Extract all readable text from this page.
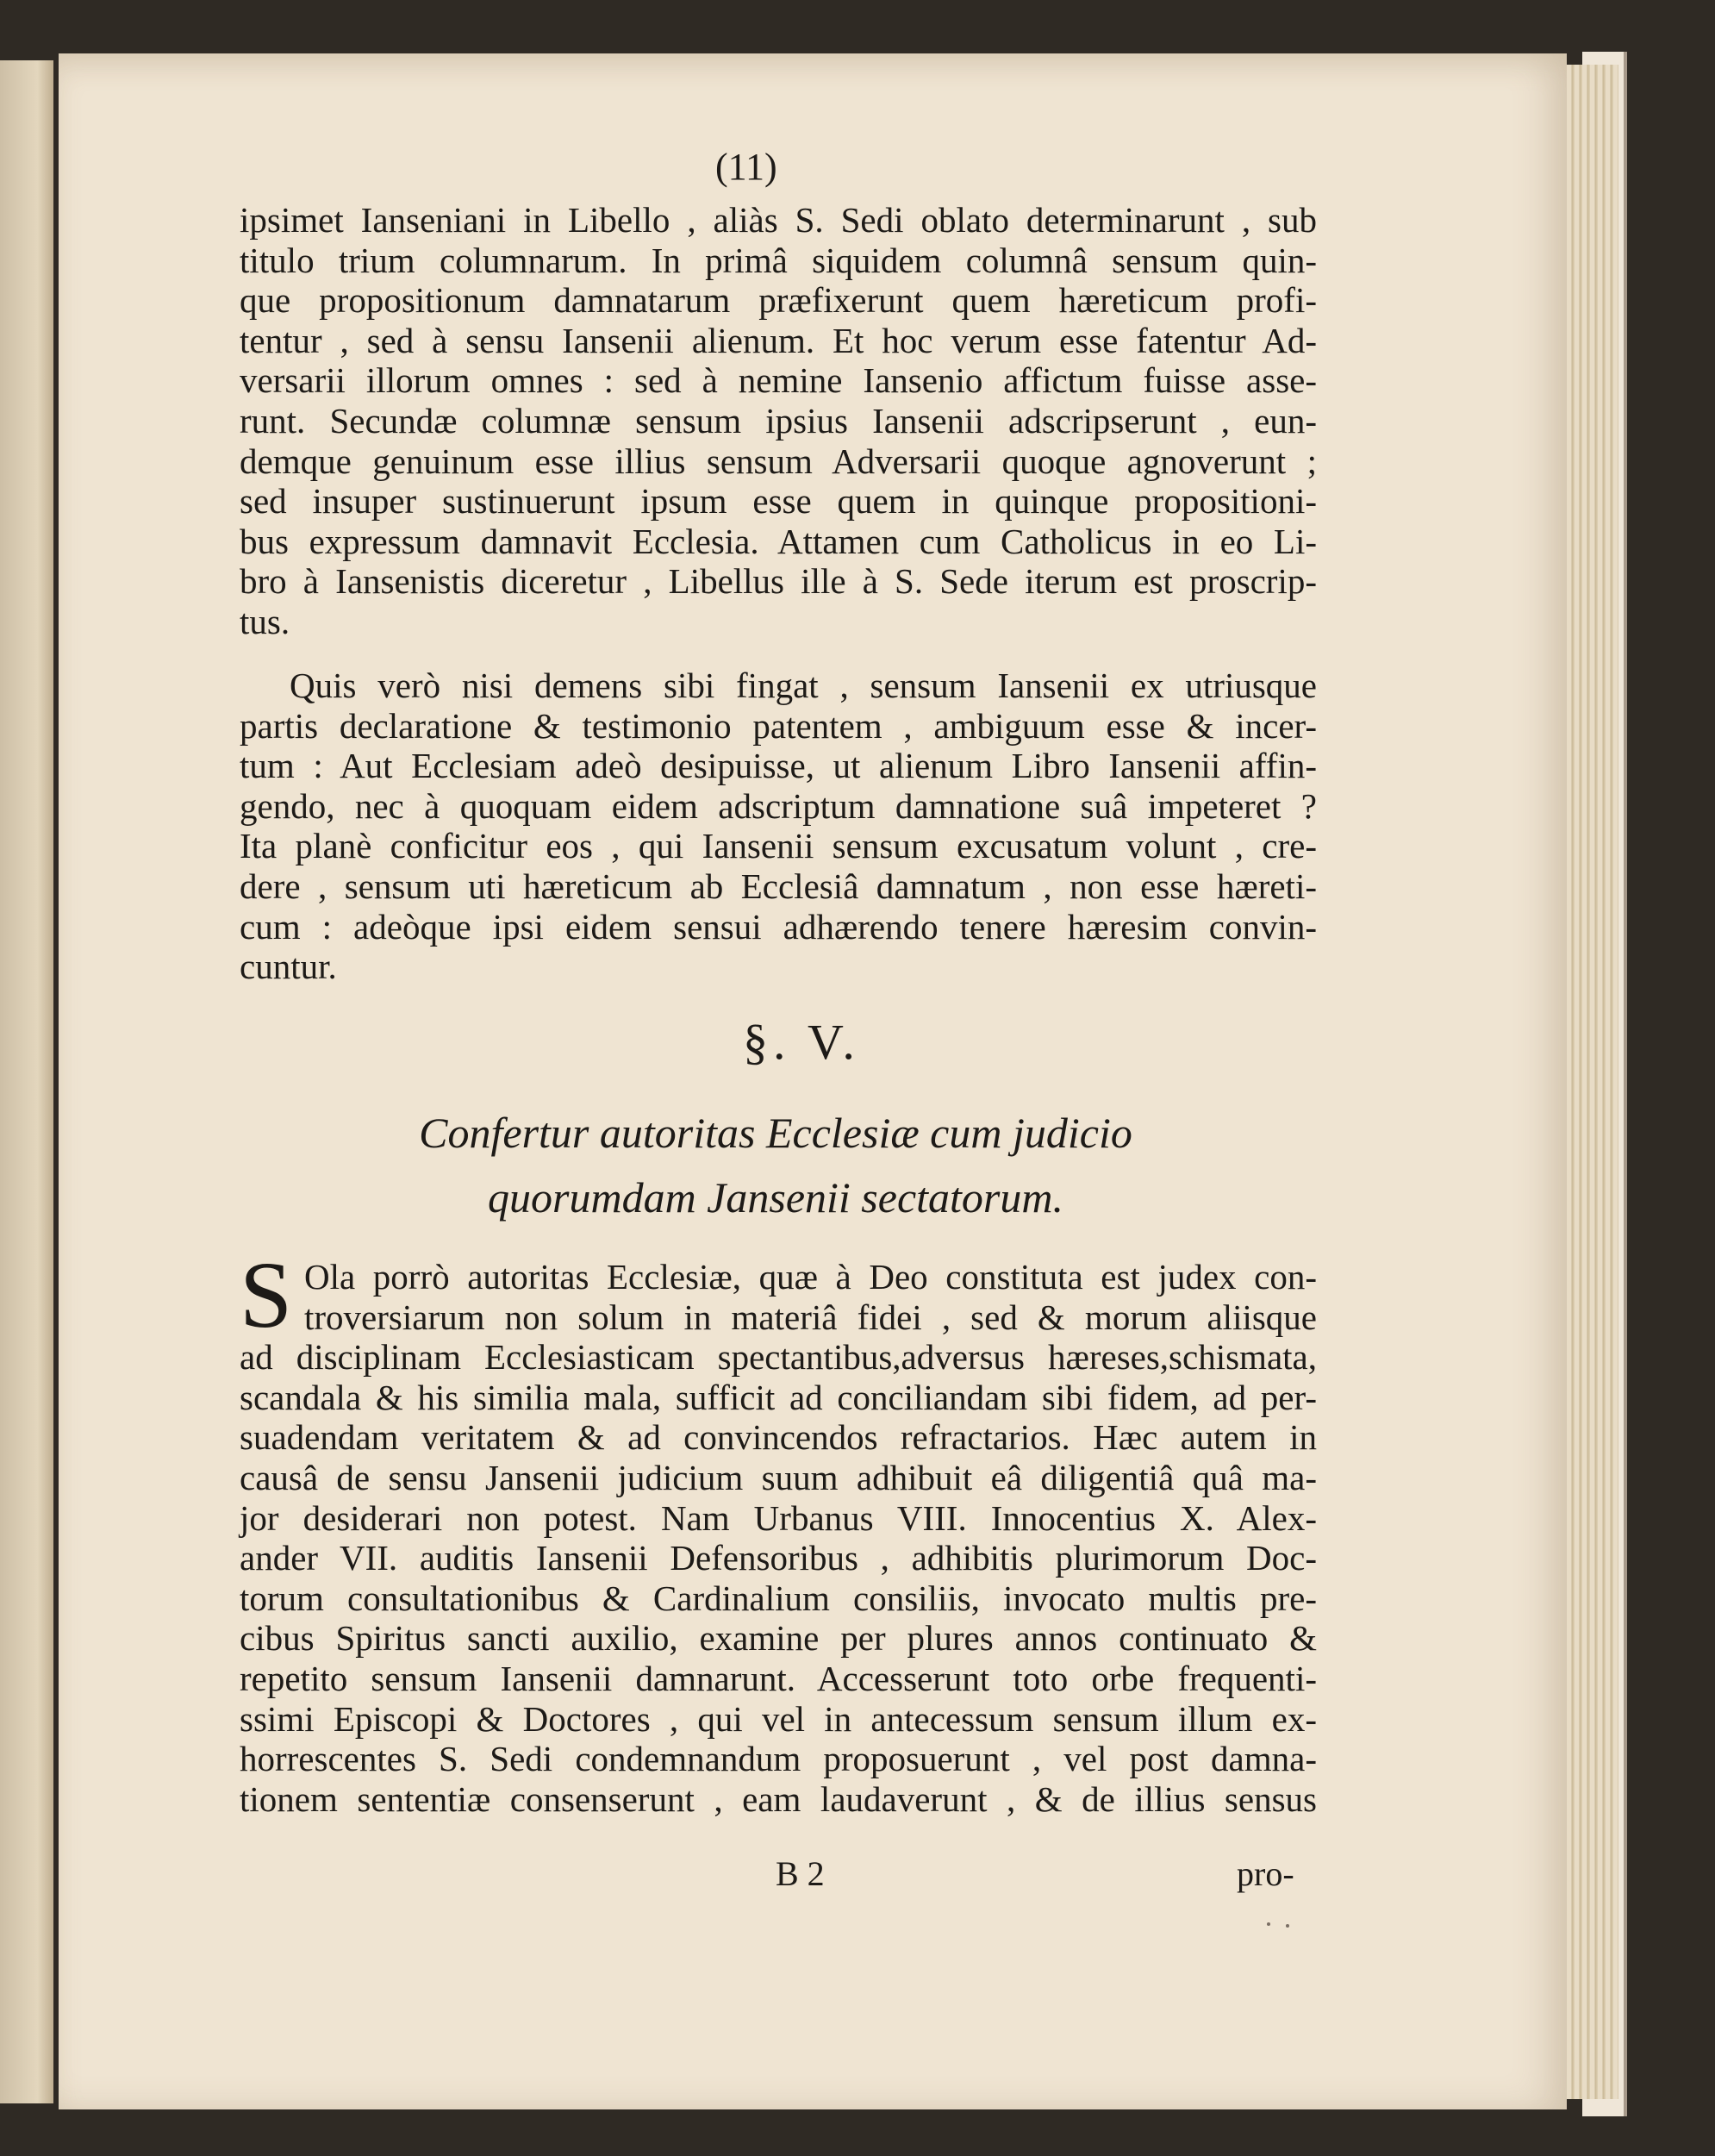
(11)
ipsimet Ianseniani in Libello , aliàs S. Sedi oblato determinarunt , sub
titulo trium columnarum. In primâ siquidem columnâ sensum quin-
que propositionum damnatarum præfixerunt quem hæreticum profi-
tentur , sed à sensu Iansenii alienum. Et hoc verum esse fatentur Ad-
versarii illorum omnes : sed à nemine Iansenio affictum fuisse asse-
runt. Secundæ columnæ sensum ipsius Iansenii adscripserunt , eun-
demque genuinum esse illius sensum Adversarii quoque agnoverunt ;
sed insuper sustinuerunt ipsum esse quem in quinque propositioni-
bus expressum damnavit Ecclesia. Attamen cum Catholicus in eo Li-
bro à Iansenistis diceretur , Libellus ille à S. Sede iterum est proscrip-
tus.
Quis verò nisi demens sibi fingat , sensum Iansenii ex utriusque
partis declaratione & testimonio patentem , ambiguum esse & incer-
tum : Aut Ecclesiam adeò desipuisse, ut alienum Libro Iansenii affin-
gendo, nec à quoquam eidem adscriptum damnatione suâ impeteret ?
Ita planè conficitur eos , qui Iansenii sensum excusatum volunt , cre-
dere , sensum uti hæreticum ab Ecclesiâ damnatum , non esse hæreti-
cum : adeòque ipsi eidem sensui adhærendo tenere hæresim convin-
cuntur.
§. V.
Confertur autoritas Ecclesiæ cum judicio
quorumdam Jansenii sectatorum.
S Ola porrò autoritas Ecclesiæ, quæ à Deo constituta est judex con-
troversiarum non solum in materiâ fidei , sed & morum aliisque
ad disciplinam Ecclesiasticam spectantibus,adversus hæreses,schismata,
scandala & his similia mala, sufficit ad conciliandam sibi fidem, ad per-
suadendam veritatem & ad convincendos refractarios. Hæc autem in
causâ de sensu Jansenii judicium suum adhibuit eâ diligentiâ quâ ma-
jor desiderari non potest. Nam Urbanus VIII. Innocentius X. Alex-
ander VII. auditis Iansenii Defensoribus , adhibitis plurimorum Doc-
torum consultationibus & Cardinalium consiliis, invocato multis pre-
cibus Spiritus sancti auxilio, examine per plures annos continuato &
repetito sensum Iansenii damnarunt. Accesserunt toto orbe frequenti-
ssimi Episcopi & Doctores , qui vel in antecessum sensum illum ex-
horrescentes S. Sedi condemnandum proposuerunt , vel post damna-
tionem sententiæ consenserunt , eam laudaverunt , & de illius sensus
B 2	pro-
